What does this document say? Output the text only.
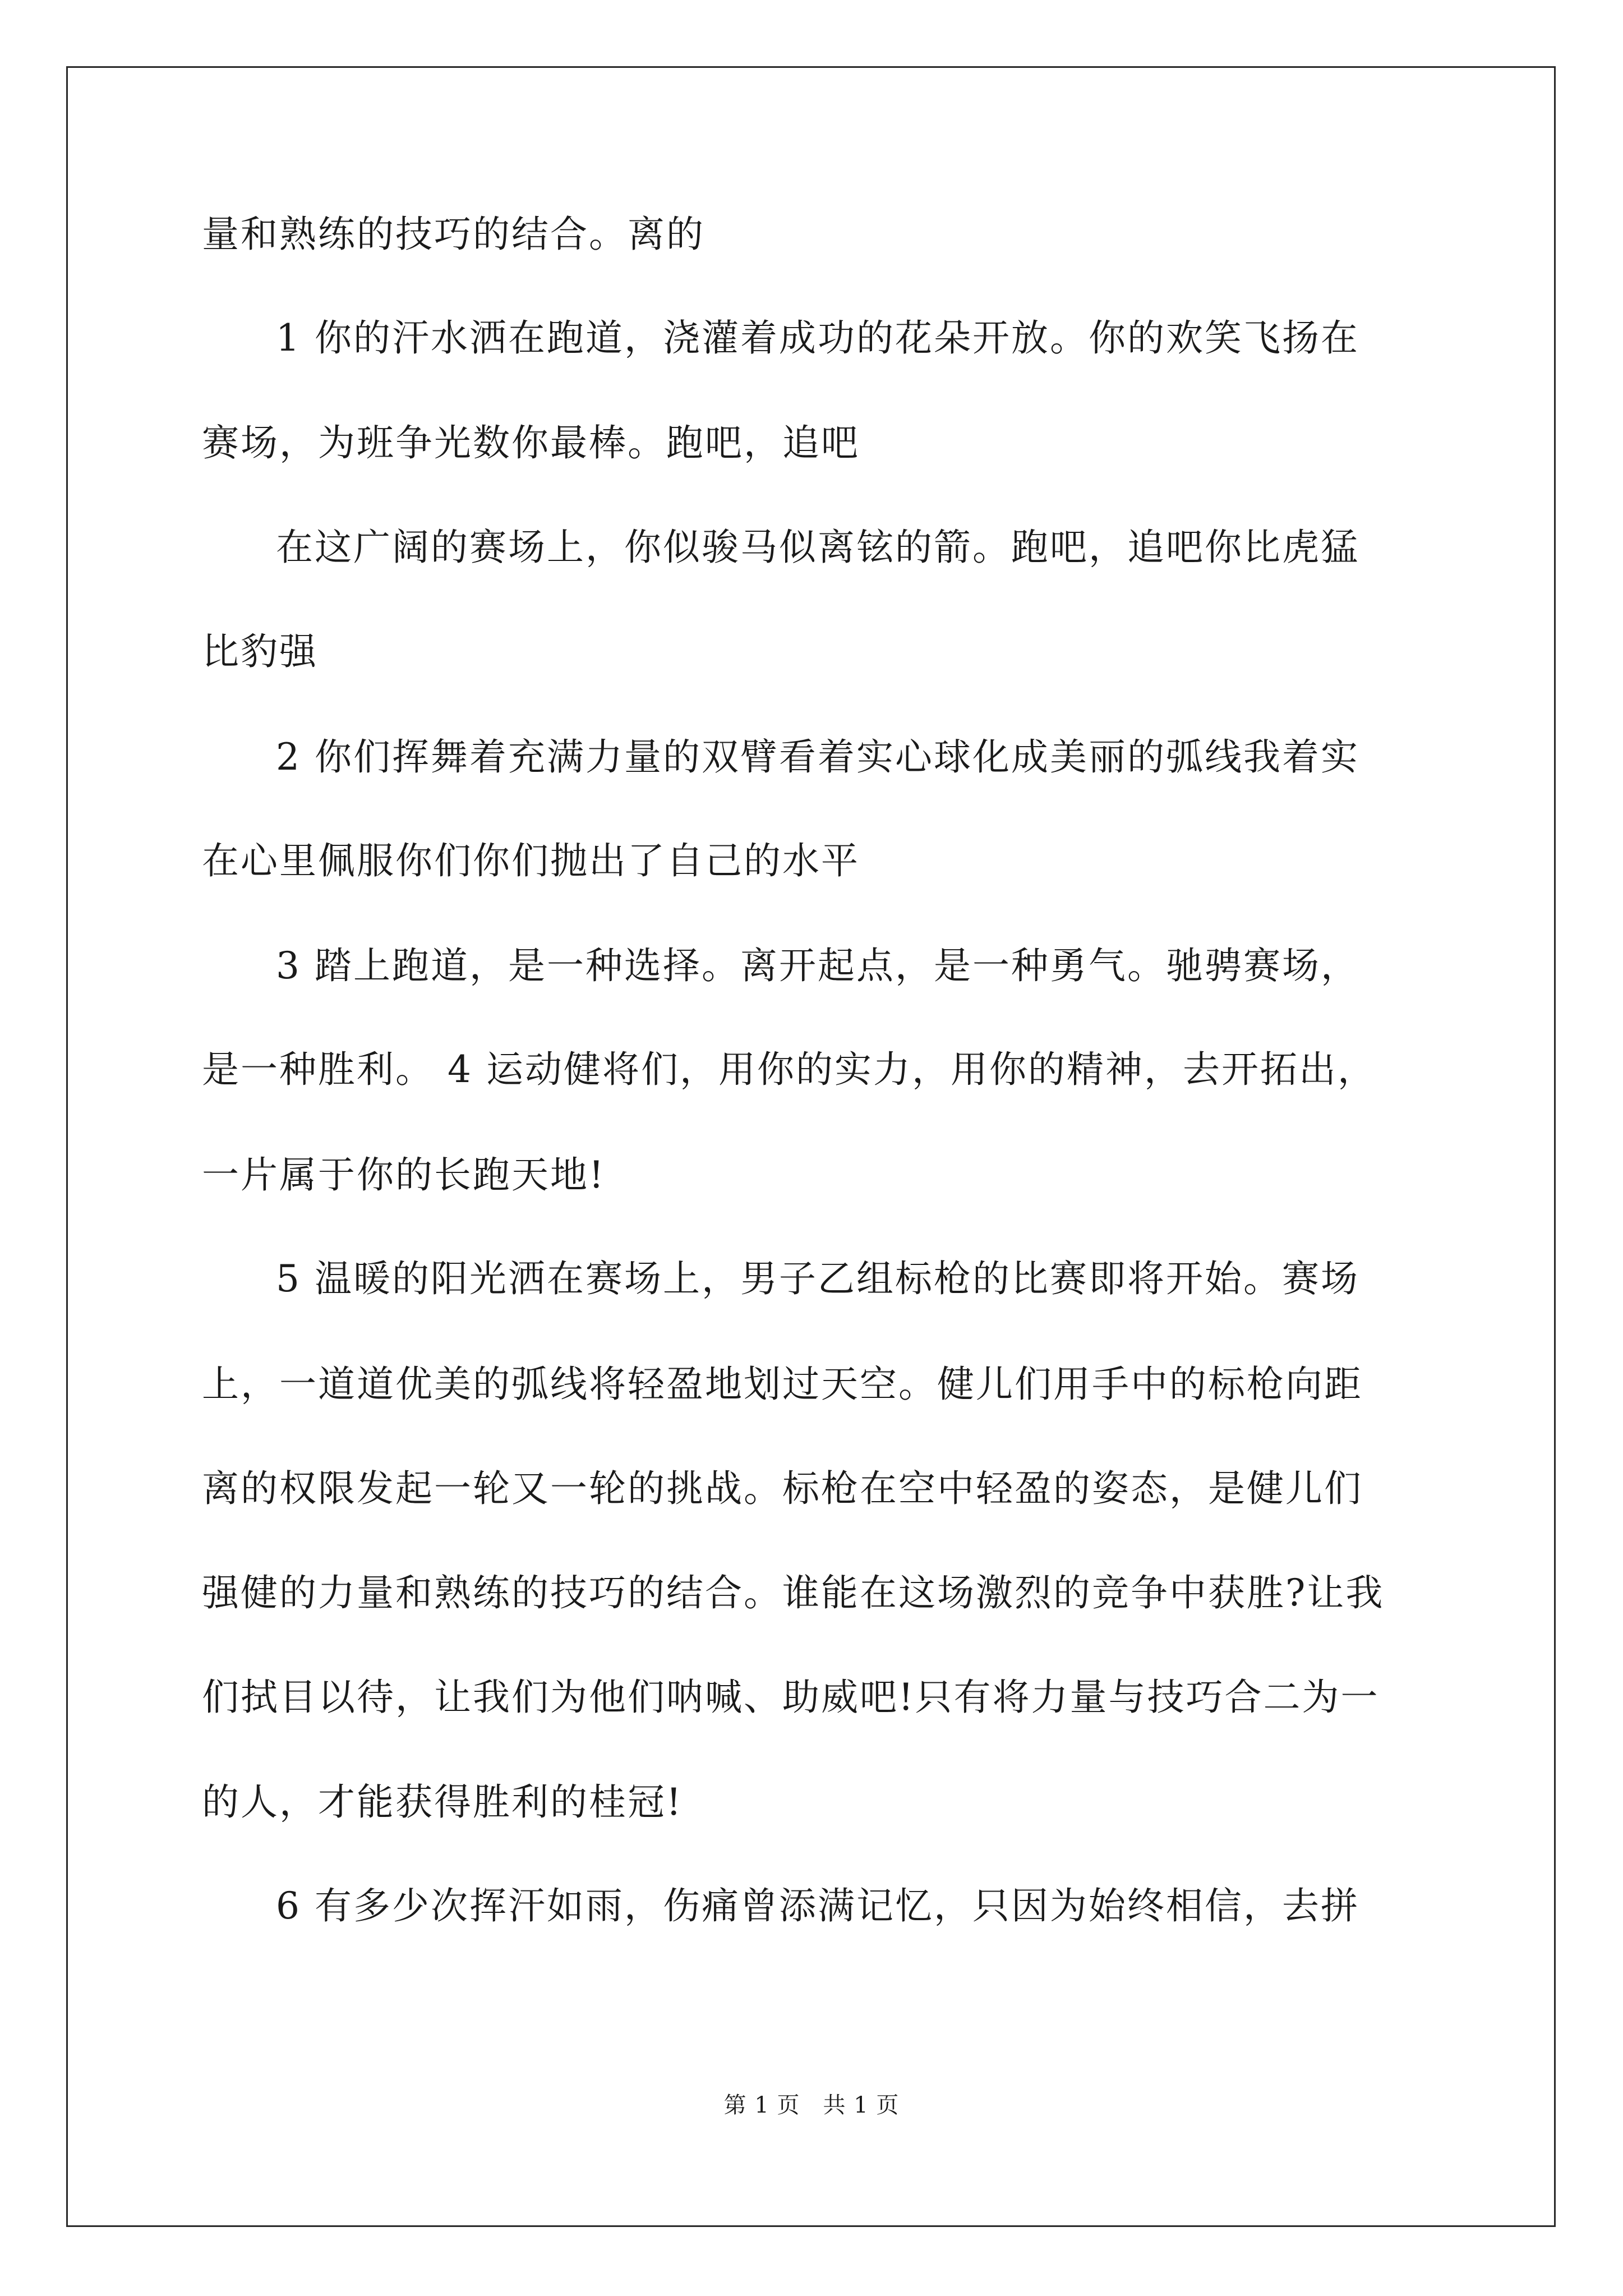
量和熟练的技巧的结合。离的
1 你的汗水洒在跑道，浇灌着成功的花朵开放。你的欢笑飞扬在
赛场，为班争光数你最棒。跑吧，追吧
在这广阔的赛场上，你似骏马似离铉的箭。跑吧，追吧你比虎猛
比豹强
2 你们挥舞着充满力量的双臂看着实心球化成美丽的弧线我着实
在心里佩服你们你们抛出了自己的水平
3 踏上跑道，是一种选择。离开起点，是一种勇气。驰骋赛场，
是一种胜利。 4 运动健将们，用你的实力，用你的精神，去开拓出，
一片属于你的长跑天地!
5 温暖的阳光洒在赛场上，男子乙组标枪的比赛即将开始。赛场
上，一道道优美的弧线将轻盈地划过天空。健儿们用手中的标枪向距
离的权限发起一轮又一轮的挑战。标枪在空中轻盈的姿态，是健儿们
强健的力量和熟练的技巧的结合。谁能在这场激烈的竞争中获胜?让我
们拭目以待，让我们为他们呐喊、助威吧!只有将力量与技巧合二为一
的人，才能获得胜利的桂冠!
6 有多少次挥汗如雨，伤痛曾添满记忆，只因为始终相信，去拼
第 1 页　共 1 页
